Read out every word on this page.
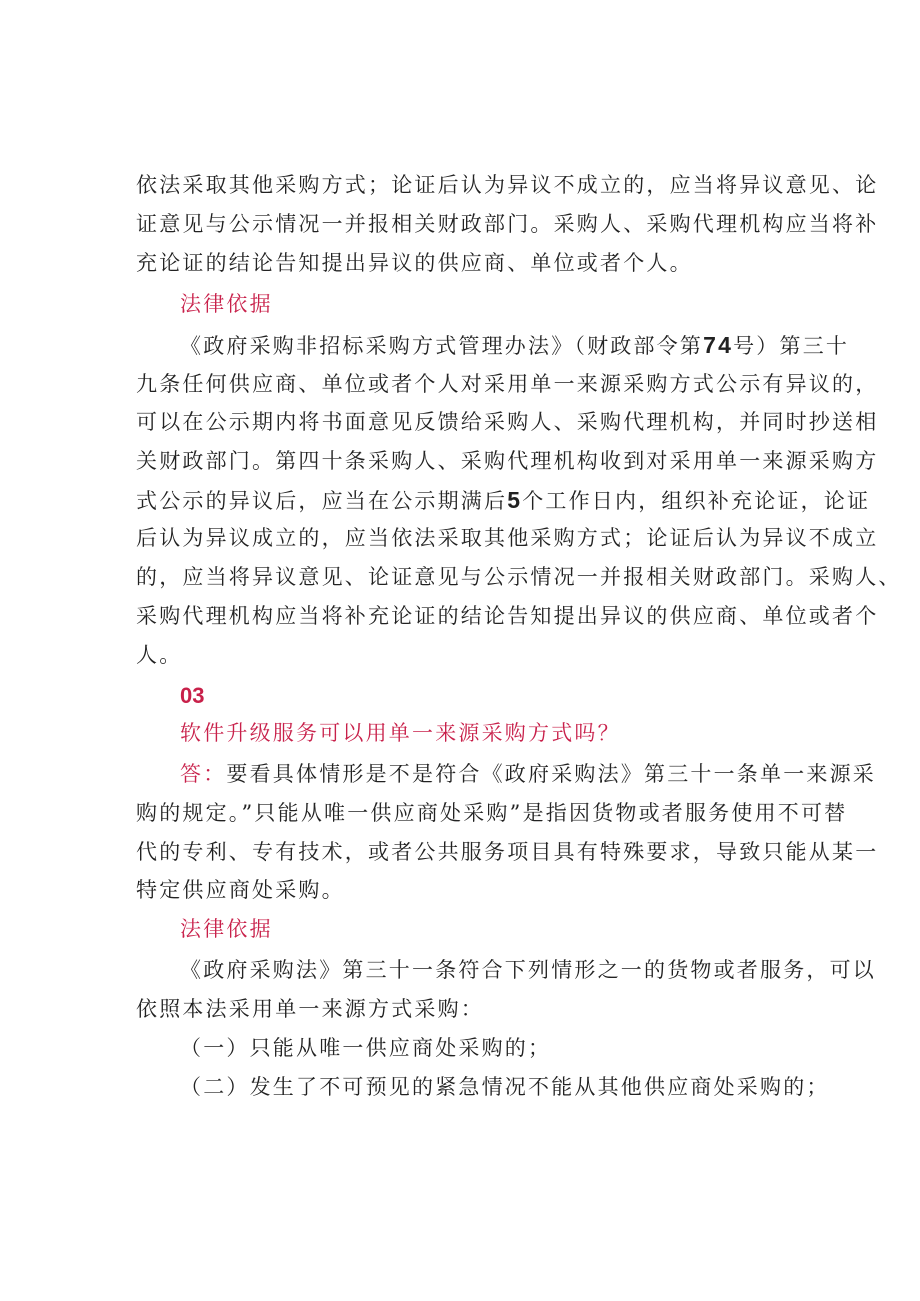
依法采取其他采购方式；论证后认为异议不成立的，应当将异议意见、论
证意见与公示情况一并报相关财政部门。采购人、采购代理机构应当将补
充论证的结论告知提出异议的供应商、单位或者个人。
法律依据
《政府采购非招标采购方式管理办法》（财政部令第74号）第三十
九条任何供应商、单位或者个人对采用单一来源采购方式公示有异议的，
可以在公示期内将书面意见反馈给采购人、采购代理机构，并同时抄送相
关财政部门。第四十条采购人、采购代理机构收到对采用单一来源采购方
式公示的异议后，应当在公示期满后5个工作日内，组织补充论证，论证
后认为异议成立的，应当依法采取其他采购方式；论证后认为异议不成立
的，应当将异议意见、论证意见与公示情况一并报相关财政部门。采购人、
采购代理机构应当将补充论证的结论告知提出异议的供应商、单位或者个
人。
03
软件升级服务可以用单一来源采购方式吗？
答：要看具体情形是不是符合《政府采购法》第三十一条单一来源采
购的规定。”只能从唯一供应商处采购”是指因货物或者服务使用不可替
代的专利、专有技术，或者公共服务项目具有特殊要求，导致只能从某一
特定供应商处采购。
法律依据
《政府采购法》第三十一条符合下列情形之一的货物或者服务，可以
依照本法采用单一来源方式采购：
（一）只能从唯一供应商处采购的；
（二）发生了不可预见的紧急情况不能从其他供应商处采购的；
